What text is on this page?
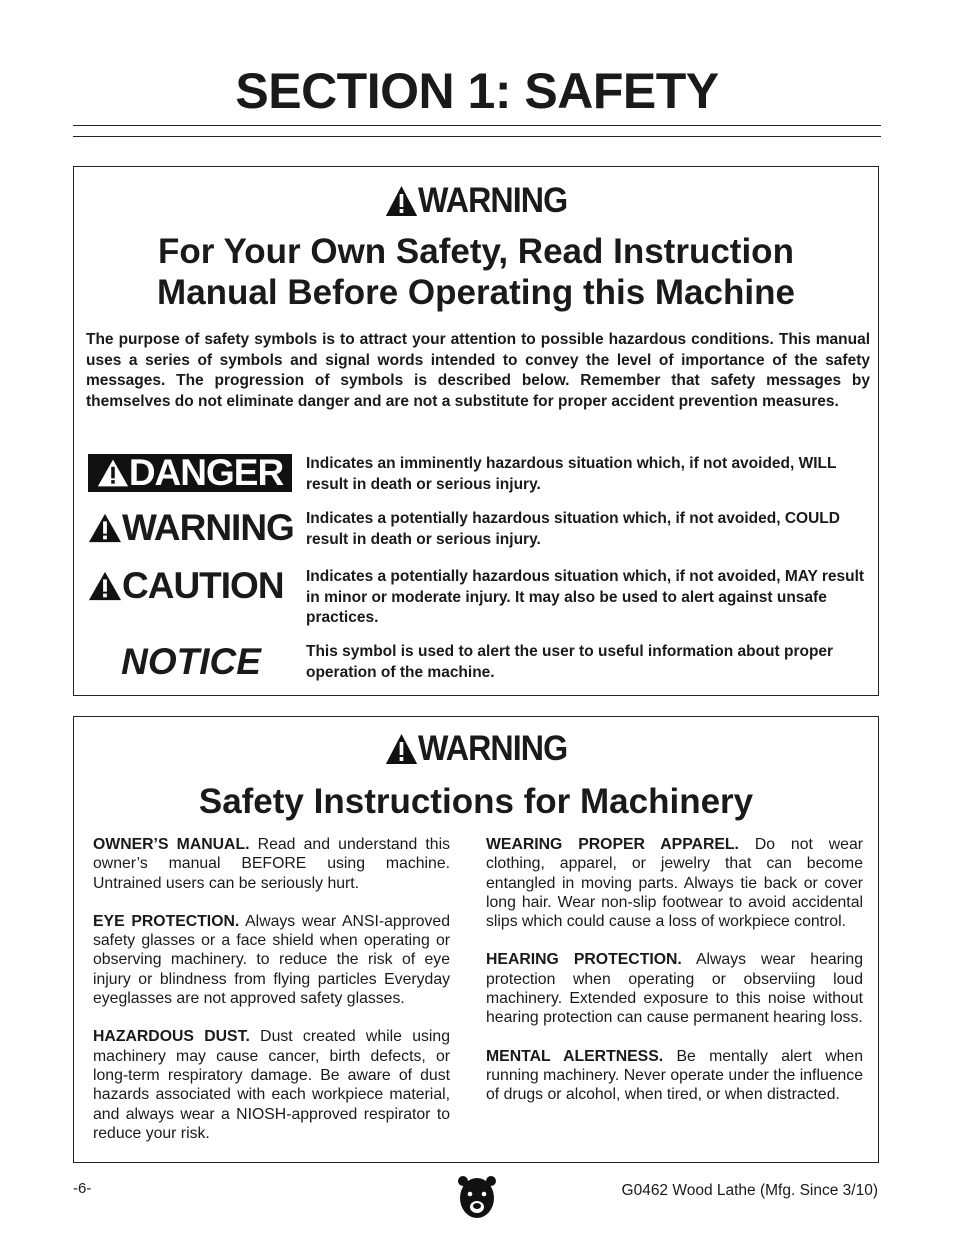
SECTION 1: SAFETY
WARNING

For Your Own Safety, Read Instruction

Manual Before Operating this Machine

The purpose of safety symbols is to attract your attention to possible hazardous conditions. This manual uses a series of symbols and signal words intended to convey the level of importance of the safety messages. The progression of symbols is described below. Remember that safety messages by themselves do not eliminate danger and are not a substitute for proper accident prevention measures.

DANGER Indicates an imminently hazardous situation which, if not avoided, WILL result in death or serious injury.

WARNING Indicates a potentially hazardous situation which, if not avoided, COULD result in death or serious injury.

CAUTION Indicates a potentially hazardous situation which, if not avoided, MAY result in minor or moderate injury. It may also be used to alert against unsafe practices.

NOTICE	This symbol is used to alert the user to useful information about proper operation of the machine.

WARNING

Safety Instructions for Machinery

OWNER’S MANUAL. Read and understand this owner’s manual BEFORE using machine. Untrained users can be seriously hurt.

EYE PROTECTION. Always wear ANSI-approved safety glasses or a face shield when operating or observing machinery. to reduce the risk of eye injury or blindness from flying particles Everyday eyeglasses are not approved safety glasses.

HAZARDOUS DUST. Dust created while using machinery may cause cancer, birth defects, or long-term respiratory damage. Be aware of dust hazards associated with each workpiece material, and always wear a NIOSH-approved respirator to reduce your risk.

WEARING PROPER APPAREL. Do not wear clothing, apparel, or jewelry that can become entangled in moving parts. Always tie back or cover long hair. Wear non-slip footwear to avoid accidental slips which could cause a loss of workpiece control.

HEARING PROTECTION. Always wear hearing protection when operating or observiing loud machinery. Extended exposure to this noise without hearing protection can cause permanent hearing loss.

MENTAL ALERTNESS. Be mentally alert when running machinery. Never operate under the influence of drugs or alcohol, when tired, or when distracted.

-6-	G0462 Wood Lathe (Mfg. Since 3/10)
